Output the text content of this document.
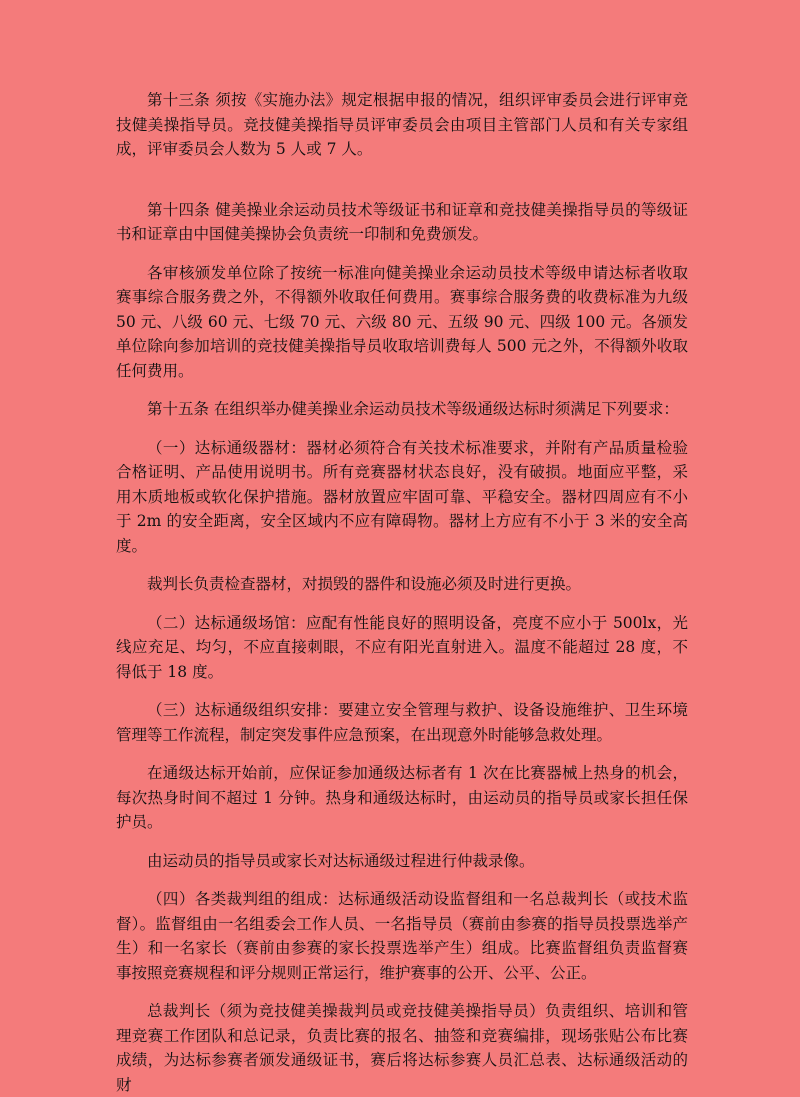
第十三条 须按《实施办法》规定根据申报的情况，组织评审委员会进行评审竞技健美操指导员。竞技健美操指导员评审委员会由项目主管部门人员和有关专家组成，评审委员会人数为 5 人或 7 人。

第十四条 健美操业余运动员技术等级证书和证章和竞技健美操指导员的等级证书和证章由中国健美操协会负责统一印制和免费颁发。

各审核颁发单位除了按统一标准向健美操业余运动员技术等级申请达标者收取赛事综合服务费之外，不得额外收取任何费用。赛事综合服务费的收费标准为九级 50 元、八级 60 元、七级 70 元、六级 80 元、五级 90 元、四级 100 元。各颁发单位除向参加培训的竞技健美操指导员收取培训费每人 500 元之外，不得额外收取任何费用。

第十五条 在组织举办健美操业余运动员技术等级通级达标时须满足下列要求：

（一）达标通级器材：器材必须符合有关技术标准要求，并附有产品质量检验合格证明、产品使用说明书。所有竞赛器材状态良好，没有破损。地面应平整，采用木质地板或软化保护措施。器材放置应牢固可靠、平稳安全。器材四周应有不小于 2m 的安全距离，安全区域内不应有障碍物。器材上方应有不小于 3 米的安全高度。

裁判长负责检查器材，对损毁的器件和设施必须及时进行更换。

（二）达标通级场馆：应配有性能良好的照明设备，亮度不应小于 500lx，光线应充足、均匀，不应直接刺眼，不应有阳光直射进入。温度不能超过 28 度，不得低于 18 度。

（三）达标通级组织安排：要建立安全管理与救护、设备设施维护、卫生环境管理等工作流程，制定突发事件应急预案，在出现意外时能够急救处理。

在通级达标开始前，应保证参加通级达标者有 1 次在比赛器械上热身的机会，每次热身时间不超过 1 分钟。热身和通级达标时，由运动员的指导员或家长担任保护员。

由运动员的指导员或家长对达标通级过程进行仲裁录像。

（四）各类裁判组的组成：达标通级活动设监督组和一名总裁判长（或技术监督）。监督组由一名组委会工作人员、一名指导员（赛前由参赛的指导员投票选举产生）和一名家长（赛前由参赛的家长投票选举产生）组成。比赛监督组负责监督赛事按照竞赛规程和评分规则正常运行，维护赛事的公开、公平、公正。

总裁判长（须为竞技健美操裁判员或竞技健美操指导员）负责组织、培训和管理竞赛工作团队和总记录，负责比赛的报名、抽签和竞赛编排，现场张贴公布比赛成绩，为达标参赛者颁发通级证书，赛后将达标参赛人员汇总表、达标通级活动的财
